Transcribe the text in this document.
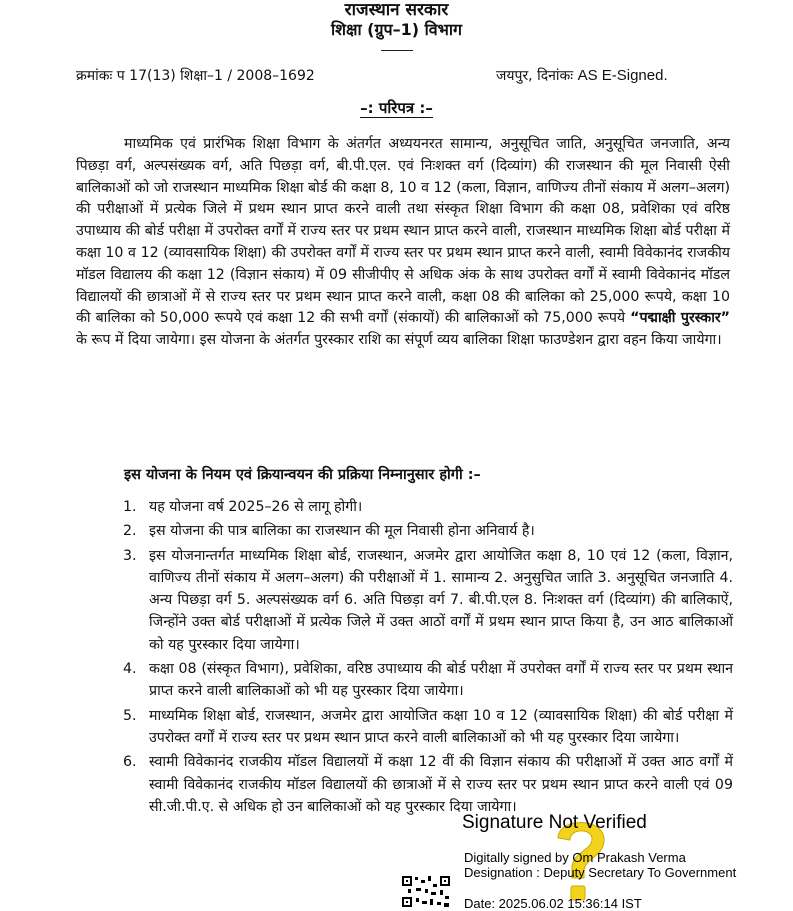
राजस्थान सरकार
शिक्षा (ग्रुप–1) विभाग
क्रमांकः प 17(13) शिक्षा–1 / 2008–1692	जयपुर, दिनांकः AS E-Signed.
–: परिपत्र :–
माध्यमिक एवं प्रारंभिक शिक्षा विभाग के अंतर्गत अध्ययनरत सामान्य, अनुसूचित जाति, अनुसूचित जनजाति, अन्य पिछड़ा वर्ग, अल्पसंख्यक वर्ग, अति पिछड़ा वर्ग, बी.पी.एल. एवं निःशक्त वर्ग (दिव्यांग) की राजस्थान की मूल निवासी ऐसी बालिकाओं को जो राजस्थान माध्यमिक शिक्षा बोर्ड की कक्षा 8, 10 व 12 (कला, विज्ञान, वाणिज्य तीनों संकाय में अलग–अलग) की परीक्षाओं में प्रत्येक जिले में प्रथम स्थान प्राप्त करने वाली तथा संस्कृत शिक्षा विभाग की कक्षा 08, प्रवेशिका एवं वरिष्ठ उपाध्याय की बोर्ड परीक्षा में उपरोक्त वर्गों में राज्य स्तर पर प्रथम स्थान प्राप्त करने वाली, राजस्थान माध्यमिक शिक्षा बोर्ड परीक्षा में कक्षा 10 व 12 (व्यावसायिक शिक्षा) की उपरोक्त वर्गों में राज्य स्तर पर प्रथम स्थान प्राप्त करने वाली, स्वामी विवेकानंद राजकीय मॉडल विद्यालय की कक्षा 12 (विज्ञान संकाय) में 09 सीजीपीए से अधिक अंक के साथ उपरोक्त वर्गों में स्वामी विवेकानंद मॉडल विद्यालयों की छात्राओं में से राज्य स्तर पर प्रथम स्थान प्राप्त करने वाली, कक्षा 08 की बालिका को 25,000 रूपये, कक्षा 10 की बालिका को 50,000 रूपये एवं कक्षा 12 की सभी वर्गों (संकायों) की बालिकाओं को 75,000 रूपये “पद्माक्षी पुरस्कार” के रूप में दिया जायेगा। इस योजना के अंतर्गत पुरस्कार राशि का संपूर्ण व्यय बालिका शिक्षा फाउण्डेशन द्वारा वहन किया जायेगा।
इस योजना के नियम एवं क्रियान्वयन की प्रक्रिया निम्नानुसार होगी :–
1. यह योजना वर्ष 2025–26 से लागू होगी।
2. इस योजना की पात्र बालिका का राजस्थान की मूल निवासी होना अनिवार्य है।
3. इस योजनान्तर्गत माध्यमिक शिक्षा बोर्ड, राजस्थान, अजमेर द्वारा आयोजित कक्षा 8, 10 एवं 12 (कला, विज्ञान, वाणिज्य तीनों संकाय में अलग–अलग) की परीक्षाओं में 1. सामान्य 2. अनुसुचित जाति 3. अनुसूचित जनजाति 4. अन्य पिछड़ा वर्ग 5. अल्पसंख्यक वर्ग 6. अति पिछड़ा वर्ग 7. बी.पी.एल 8. निःशक्त वर्ग (दिव्यांग) की बालिकाऐं, जिन्होंने उक्त बोर्ड परीक्षाओं में प्रत्येक जिले में उक्त आठों वर्गों में प्रथम स्थान प्राप्त किया है, उन आठ बालिकाओं को यह पुरस्कार दिया जायेगा।
4. कक्षा 08 (संस्कृत विभाग), प्रवेशिका, वरिष्ठ उपाध्याय की बोर्ड परीक्षा में उपरोक्त वर्गों में राज्य स्तर पर प्रथम स्थान प्राप्त करने वाली बालिकाओं को भी यह पुरस्कार दिया जायेगा।
5. माध्यमिक शिक्षा बोर्ड, राजस्थान, अजमेर द्वारा आयोजित कक्षा 10 व 12 (व्यावसायिक शिक्षा) की बोर्ड परीक्षा में उपरोक्त वर्गों में राज्य स्तर पर प्रथम स्थान प्राप्त करने वाली बालिकाओं को भी यह पुरस्कार दिया जायेगा।
6. स्वामी विवेकानंद राजकीय मॉडल विद्यालयों में कक्षा 12 वीं की विज्ञान संकाय की परीक्षाओं में उक्त आठ वर्गों में स्वामी विवेकानंद राजकीय मॉडल विद्यालयों की छात्राओं में से राज्य स्तर पर प्रथम स्थान प्राप्त करने वाली एवं 09 सी.जी.पी.ए. से अधिक हो उन बालिकाओं को यह पुरस्कार दिया जायेगा।
Signature Not Verified
Digitally signed by Om Prakash Verma
Designation : Deputy Secretary To Government
Date: 2025.06.02 15:36:14 IST
